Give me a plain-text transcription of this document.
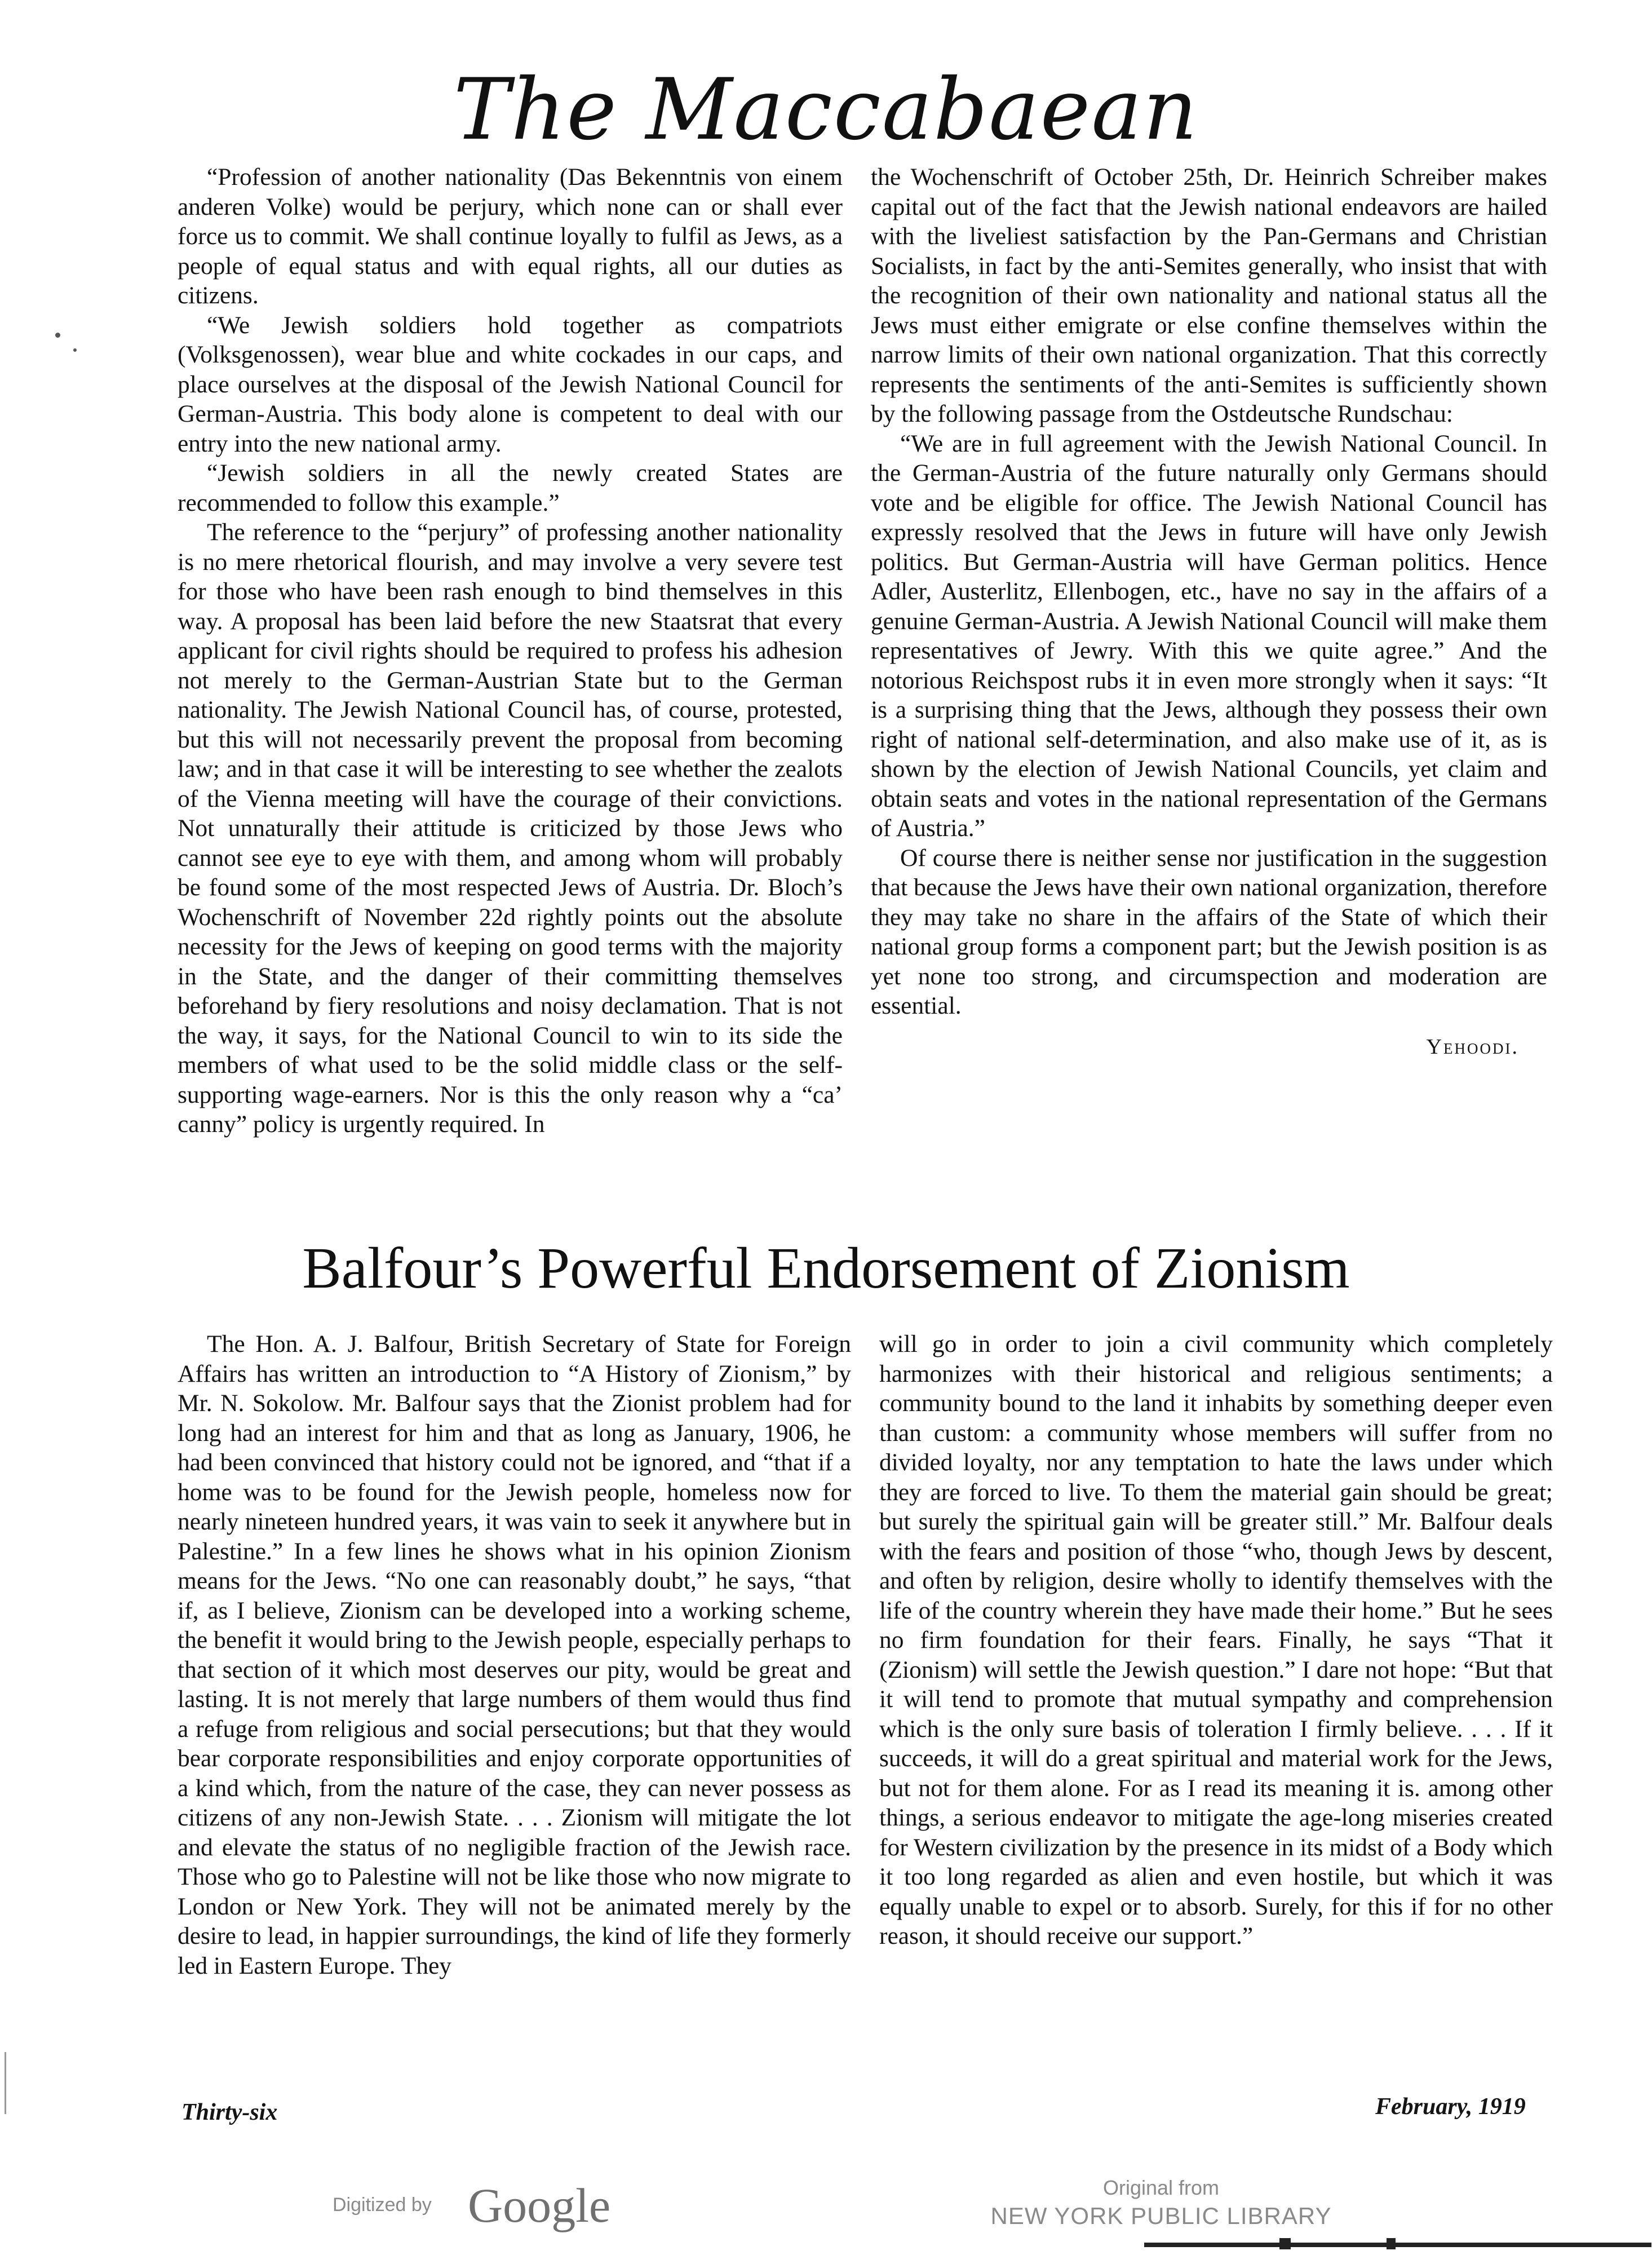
The Maccabaean

“Profession of another nationality (Das Bekenntnis von einem anderen Volke) would be perjury, which none can or shall ever force us to commit. We shall continue loyally to fulfil as Jews, as a people of equal status and with equal rights, all our duties as citizens.

“We Jewish soldiers hold together as compatriots (Volksgenossen), wear blue and white cockades in our caps, and place ourselves at the disposal of the Jewish National Council for German-Austria. This body alone is competent to deal with our entry into the new national army.

“Jewish soldiers in all the newly created States are recommended to follow this example.”

The reference to the “perjury” of professing another nationality is no mere rhetorical flourish, and may involve a very severe test for those who have been rash enough to bind themselves in this way. A proposal has been laid before the new Staatsrat that every applicant for civil rights should be required to profess his adhesion not merely to the German-Austrian State but to the German nationality. The Jewish National Council has, of course, protested, but this will not necessarily prevent the proposal from becoming law; and in that case it will be interesting to see whether the zealots of the Vienna meeting will have the courage of their convictions. Not unnaturally their attitude is criticized by those Jews who cannot see eye to eye with them, and among whom will probably be found some of the most respected Jews of Austria. Dr. Bloch’s Wochenschrift of November 22d rightly points out the absolute necessity for the Jews of keeping on good terms with the majority in the State, and the danger of their committing themselves beforehand by fiery resolutions and noisy declamation. That is not the way, it says, for the National Council to win to its side the members of what used to be the solid middle class or the self-supporting wage-earners. Nor is this the only reason why a “ca’ canny” policy is urgently required. In

the Wochenschrift of October 25th, Dr. Heinrich Schreiber makes capital out of the fact that the Jewish national endeavors are hailed with the liveliest satisfaction by the Pan-Germans and Christian Socialists, in fact by the anti-Semites generally, who insist that with the recognition of their own nationality and national status all the Jews must either emigrate or else confine themselves within the narrow limits of their own national organization. That this correctly represents the sentiments of the anti-Semites is sufficiently shown by the following passage from the Ostdeutsche Rundschau:

“We are in full agreement with the Jewish National Council. In the German-Austria of the future naturally only Germans should vote and be eligible for office. The Jewish National Council has expressly resolved that the Jews in future will have only Jewish politics. But German-Austria will have German politics. Hence Adler, Austerlitz, Ellenbogen, etc., have no say in the affairs of a genuine German-Austria. A Jewish National Council will make them representatives of Jewry. With this we quite agree.” And the notorious Reichspost rubs it in even more strongly when it says: “It is a surprising thing that the Jews, although they possess their own right of national self-determination, and also make use of it, as is shown by the election of Jewish National Councils, yet claim and obtain seats and votes in the national representation of the Germans of Austria.”

Of course there is neither sense nor justification in the suggestion that because the Jews have their own national organization, therefore they may take no share in the affairs of the State of which their national group forms a component part; but the Jewish position is as yet none too strong, and circumspection and moderation are essential.

Yehoodi.
Balfour’s Powerful Endorsement of Zionism

The Hon. A. J. Balfour, British Secretary of State for Foreign Affairs has written an introduction to “A History of Zionism,” by Mr. N. Sokolow. Mr. Balfour says that the Zionist problem had for long had an interest for him and that as long as January, 1906, he had been convinced that history could not be ignored, and “that if a home was to be found for the Jewish people, homeless now for nearly nineteen hundred years, it was vain to seek it anywhere but in Palestine.” In a few lines he shows what in his opinion Zionism means for the Jews. “No one can reasonably doubt,” he says, “that if, as I believe, Zionism can be developed into a working scheme, the benefit it would bring to the Jewish people, especially perhaps to that section of it which most deserves our pity, would be great and lasting. It is not merely that large numbers of them would thus find a refuge from religious and social persecutions; but that they would bear corporate responsibilities and enjoy corporate opportunities of a kind which, from the nature of the case, they can never possess as citizens of any non-Jewish State. . . . Zionism will mitigate the lot and elevate the status of no negligible fraction of the Jewish race. Those who go to Palestine will not be like those who now migrate to London or New York. They will not be animated merely by the desire to lead, in happier surroundings, the kind of life they formerly led in Eastern Europe. They

will go in order to join a civil community which completely harmonizes with their historical and religious sentiments; a community bound to the land it inhabits by something deeper even than custom: a community whose members will suffer from no divided loyalty, nor any temptation to hate the laws under which they are forced to live. To them the material gain should be great; but surely the spiritual gain will be greater still.” Mr. Balfour deals with the fears and position of those “who, though Jews by descent, and often by religion, desire wholly to identify themselves with the life of the country wherein they have made their home.” But he sees no firm foundation for their fears. Finally, he says “That it (Zionism) will settle the Jewish question.” I dare not hope: “But that it will tend to promote that mutual sympathy and comprehension which is the only sure basis of toleration I firmly believe. . . . If it succeeds, it will do a great spiritual and material work for the Jews, but not for them alone. For as I read its meaning it is. among other things, a serious endeavor to mitigate the age-long miseries created for Western civilization by the presence in its midst of a Body which it too long regarded as alien and even hostile, but which it was equally unable to expel or to absorb. Surely, for this if for no other reason, it should receive our support.”

Thirty-six	February, 1919
Digitized by Google	Original from
NEW YORK PUBLIC LIBRARY
